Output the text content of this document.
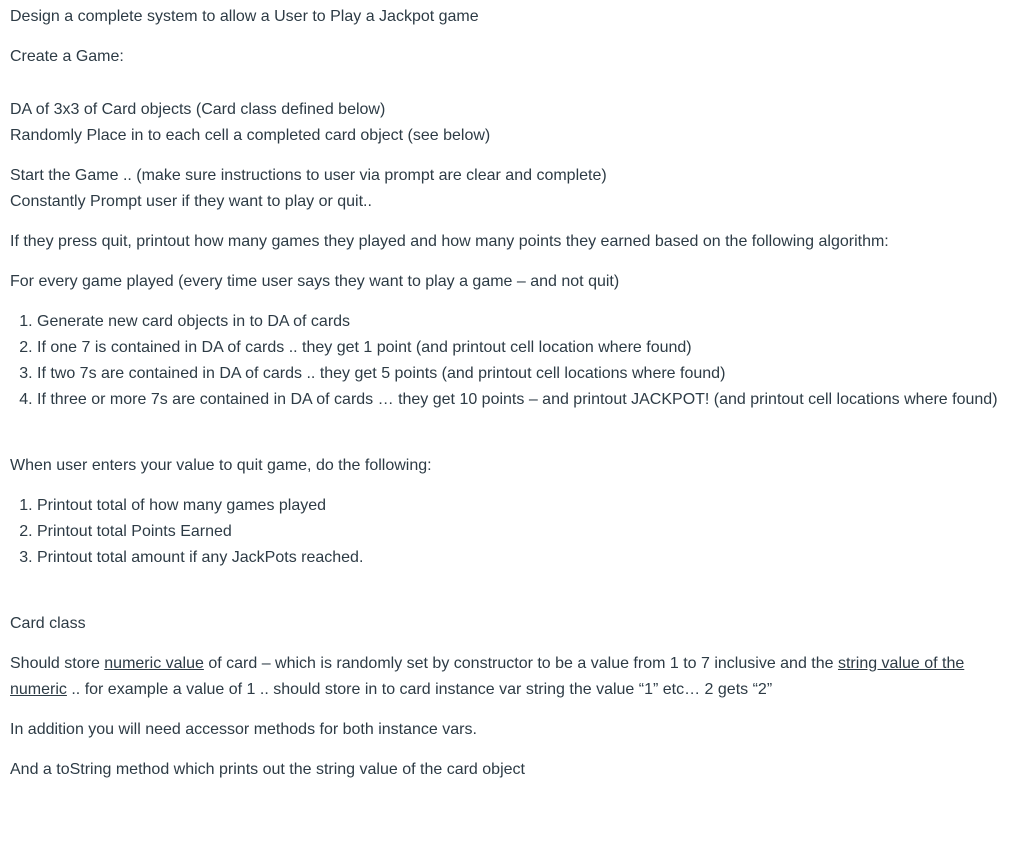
Design a complete system to allow a User to Play a Jackpot game

Create a Game:

DA of 3x3 of Card objects (Card class defined below)

Randomly Place in to each cell a completed card object (see below)

Start the Game .. (make sure instructions to user via prompt are clear and complete)

Constantly Prompt user if they want to play or quit..

If they press quit, printout how many games they played and how many points they earned based on the following algorithm:

For every game played (every time user says they want to play a game – and not quit)

1. Generate new card objects in to DA of cards
2. If one 7 is contained in DA of cards .. they get 1 point (and printout cell location where found)
3. If two 7s are contained in DA of cards .. they get 5 points (and printout cell locations where found)
4. If three or more 7s are contained in DA of cards … they get 10 points – and printout JACKPOT! (and printout cell locations where found)

When user enters your value to quit game, do the following:

1. Printout total of how many games played
2. Printout total Points Earned
3. Printout total amount if any JackPots reached.

Card class

Should store numeric value of card – which is randomly set by constructor to be a value from 1 to 7 inclusive and the string value of the numeric .. for example a value of 1 .. should store in to card instance var string the value “1” etc… 2 gets “2”

In addition you will need accessor methods for both instance vars.

And a toString method which prints out the string value of the card object
